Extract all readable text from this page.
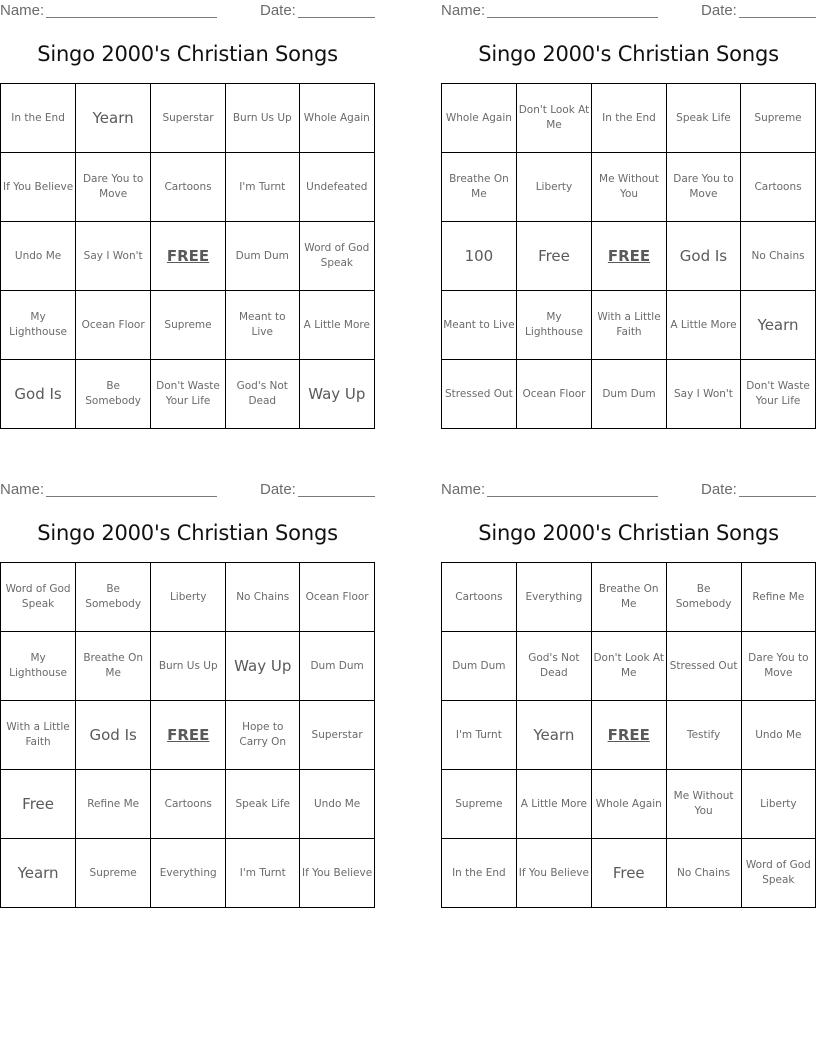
Name:	Date:
Singo 2000's Christian Songs
In the End	Yearn	Superstar	Burn Us Up	Whole Again
If You Believe	Dare You to Move	Cartoons	I'm Turnt	Undefeated
Undo Me	Say I Won't	FREE	Dum Dum	Word of God Speak
My Lighthouse	Ocean Floor	Supreme	Meant to Live	A Little More
God Is	Be Somebody	Don't Waste Your Life	God's Not Dead	Way Up
Name:	Date:
Singo 2000's Christian Songs
Whole Again	Don't Look At Me	In the End	Speak Life	Supreme
Breathe On Me	Liberty	Me Without You	Dare You to Move	Cartoons
100	Free	FREE	God Is	No Chains
Meant to Live	My Lighthouse	With a Little Faith	A Little More	Yearn
Stressed Out	Ocean Floor	Dum Dum	Say I Won't	Don't Waste Your Life
Name:	Date:
Singo 2000's Christian Songs
Word of God Speak	Be Somebody	Liberty	No Chains	Ocean Floor
My Lighthouse	Breathe On Me	Burn Us Up	Way Up	Dum Dum
With a Little Faith	God Is	FREE	Hope to Carry On	Superstar
Free	Refine Me	Cartoons	Speak Life	Undo Me
Yearn	Supreme	Everything	I'm Turnt	If You Believe
Name:	Date:
Singo 2000's Christian Songs
Cartoons	Everything	Breathe On Me	Be Somebody	Refine Me
Dum Dum	God's Not Dead	Don't Look At Me	Stressed Out	Dare You to Move
I'm Turnt	Yearn	FREE	Testify	Undo Me
Supreme	A Little More	Whole Again	Me Without You	Liberty
In the End	If You Believe	Free	No Chains	Word of God Speak
